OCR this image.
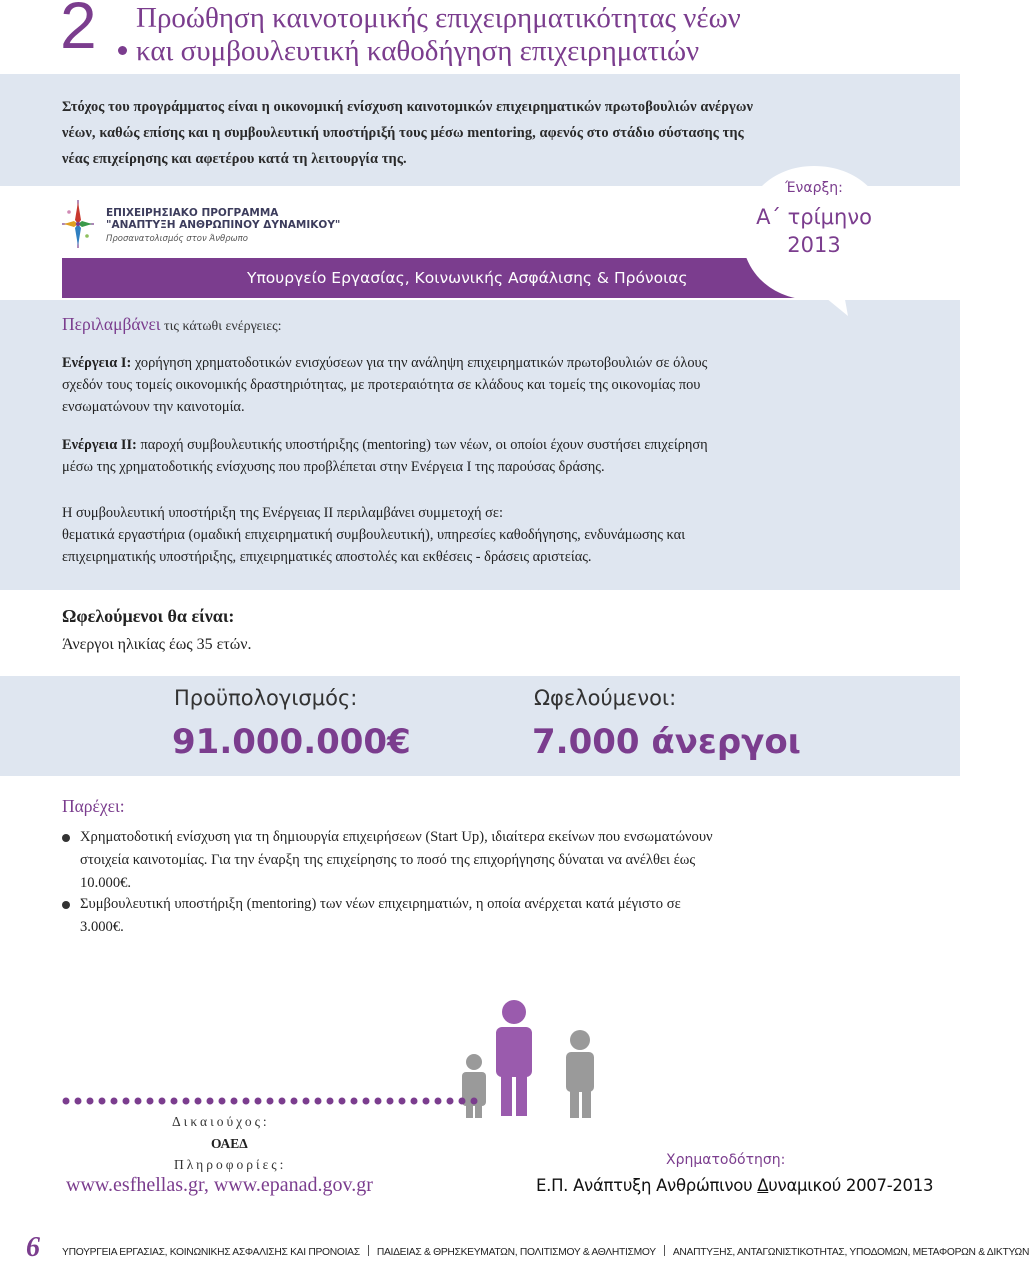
2 Προώθηση καινοτομικής επιχειρηματικότητας νέων
και συμβουλευτική καθοδήγηση επιχειρηματιών
Στόχος του προγράμματος είναι η οικονομική ενίσχυση καινοτομικών επιχειρηματικών πρωτοβουλιών ανέργων
νέων, καθώς επίσης και η συμβουλευτική υποστήριξή τους μέσω mentoring, αφενός στο στάδιο σύστασης της
νέας επιχείρησης και αφετέρου κατά τη λειτουργία της.
ΕΠΙΧΕΙΡΗΣΙΑΚΟ ΠΡΟΓΡΑΜΜΑ
"ΑΝΑΠΤΥΞΗ ΑΝΘΡΩΠΙΝΟΥ ΔΥΝΑΜΙΚΟΥ"
Προσανατολισμός στον Άνθρωπο
Υπουργείο Εργασίας, Κοινωνικής Ασφάλισης & Πρόνοιας
Έναρξη:
Α΄ τρίμηνο
2013
Περιλαμβάνει τις κάτωθι ενέργειες:
Ενέργεια Ι: χορήγηση χρηματοδοτικών ενισχύσεων για την ανάληψη επιχειρηματικών πρωτοβουλιών σε όλους
σχεδόν τους τομείς οικονομικής δραστηριότητας, με προτεραιότητα σε κλάδους και τομείς της οικονομίας που
ενσωματώνουν την καινοτομία.
Ενέργεια ΙΙ: παροχή συμβουλευτικής υποστήριξης (mentoring) των νέων, οι οποίοι έχουν συστήσει επιχείρηση
μέσω της χρηματοδοτικής ενίσχυσης που προβλέπεται στην Ενέργεια Ι της παρούσας δράσης.
Η συμβουλευτική υποστήριξη της Ενέργειας ΙΙ περιλαμβάνει συμμετοχή σε:
θεματικά εργαστήρια (ομαδική επιχειρηματική συμβουλευτική), υπηρεσίες καθοδήγησης, ενδυνάμωσης και
επιχειρηματικής υποστήριξης, επιχειρηματικές αποστολές και εκθέσεις - δράσεις αριστείας.
Ωφελούμενοι θα είναι:
Άνεργοι ηλικίας έως 35 ετών.
Προϋπολογισμός:
91.000.000€
Ωφελούμενοι:
7.000 άνεργοι
Παρέχει:
Χρηματοδοτική ενίσχυση για τη δημιουργία επιχειρήσεων (Start Up), ιδιαίτερα εκείνων που ενσωματώνουν
στοιχεία καινοτομίας. Για την έναρξη της επιχείρησης το ποσό της επιχορήγησης δύναται να ανέλθει έως
10.000€.
Συμβουλευτική υποστήριξη (mentoring) των νέων επιχειρηματιών, η οποία ανέρχεται κατά μέγιστο σε
3.000€.
Δικαιούχος:
ΟΑΕΔ
Πληροφορίες:
www.esfhellas.gr, www.epanad.gov.gr
Χρηματοδότηση:
Ε.Π. Ανάπτυξη Ανθρώπινου Δυναμικού 2007-2013
6 ΥΠΟΥΡΓΕΙΑ ΕΡΓΑΣΙΑΣ, ΚΟΙΝΩΝΙΚΗΣ ΑΣΦΑΛΙΣΗΣ ΚΑΙ ΠΡΟΝΟΙΑΣ ΠΑΙΔΕΙΑΣ & ΘΡΗΣΚΕΥΜΑΤΩΝ, ΠΟΛΙΤΙΣΜΟΥ & ΑΘΛΗΤΙΣΜΟΥ ΑΝΑΠΤΥΞΗΣ, ΑΝΤΑΓΩΝΙΣΤΙΚΟΤΗΤΑΣ, ΥΠΟΔΟΜΩΝ, ΜΕΤΑΦΟΡΩΝ & ΔΙΚΤΥΩΝ
